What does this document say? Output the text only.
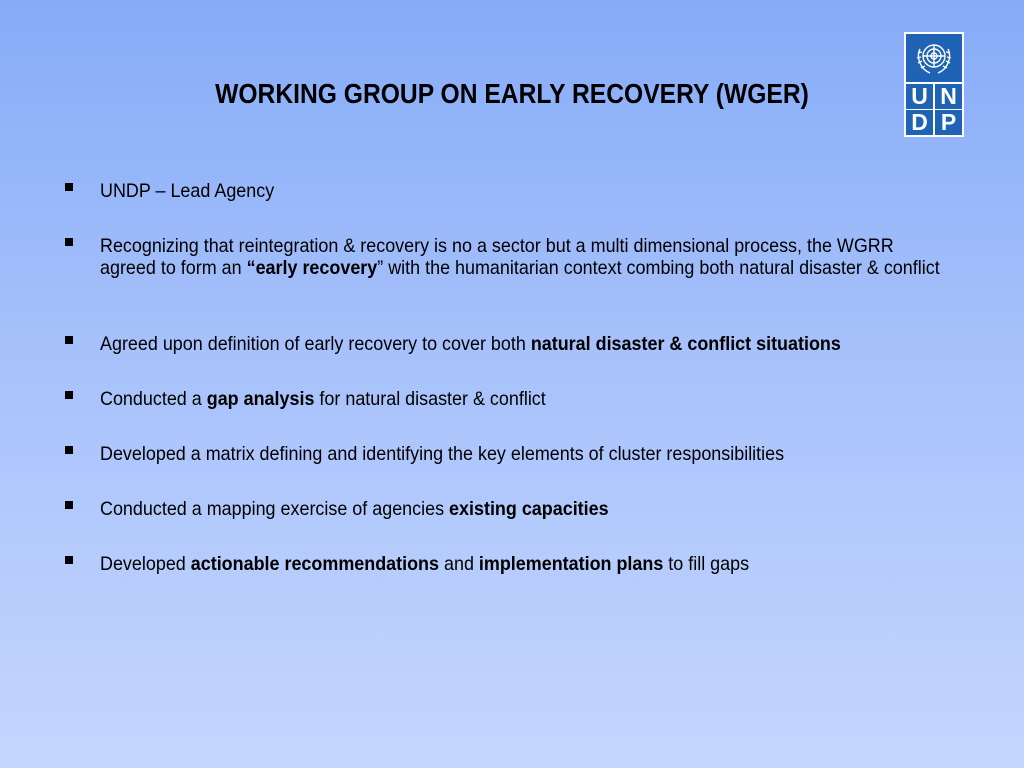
WORKING GROUP ON EARLY RECOVERY (WGER)	U N
D P
UNDP – Lead Agency
Recognizing that reintegration & recovery is no a sector but a multi dimensional process, the WGRR agreed to form an “early recovery” with the humanitarian context combing both natural disaster & conflict
Agreed upon definition of early recovery to cover both natural disaster & conflict situations
Conducted a gap analysis for natural disaster & conflict
Developed a matrix defining and identifying the key elements of cluster responsibilities
Conducted a mapping exercise of agencies existing capacities
Developed actionable recommendations and implementation plans to fill gaps
